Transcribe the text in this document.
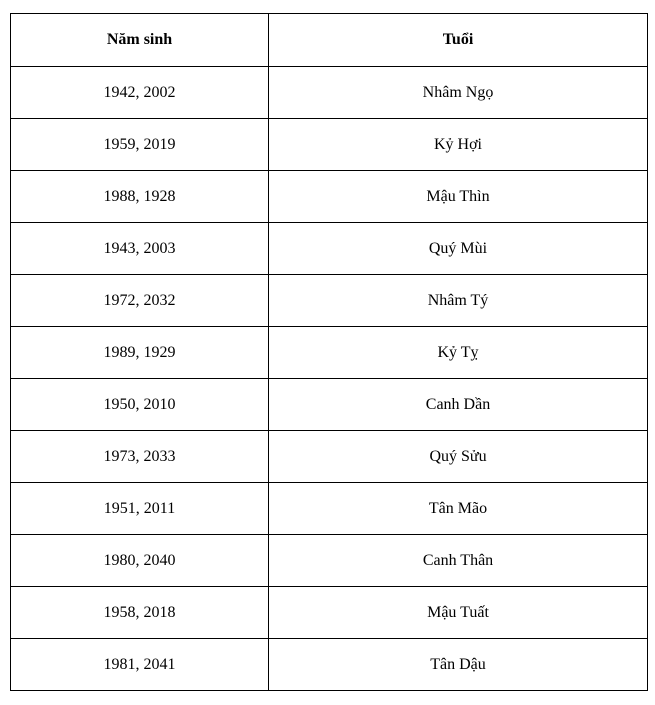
Năm sinh	Tuổi
1942, 2002	Nhâm Ngọ
1959, 2019	Kỷ Hợi
1988, 1928	Mậu Thìn
1943, 2003	Quý Mùi
1972, 2032	Nhâm Tý
1989, 1929	Kỷ Tỵ
1950, 2010	Canh Dần
1973, 2033	Quý Sửu
1951, 2011	Tân Mão
1980, 2040	Canh Thân
1958, 2018	Mậu Tuất
1981, 2041	Tân Dậu
